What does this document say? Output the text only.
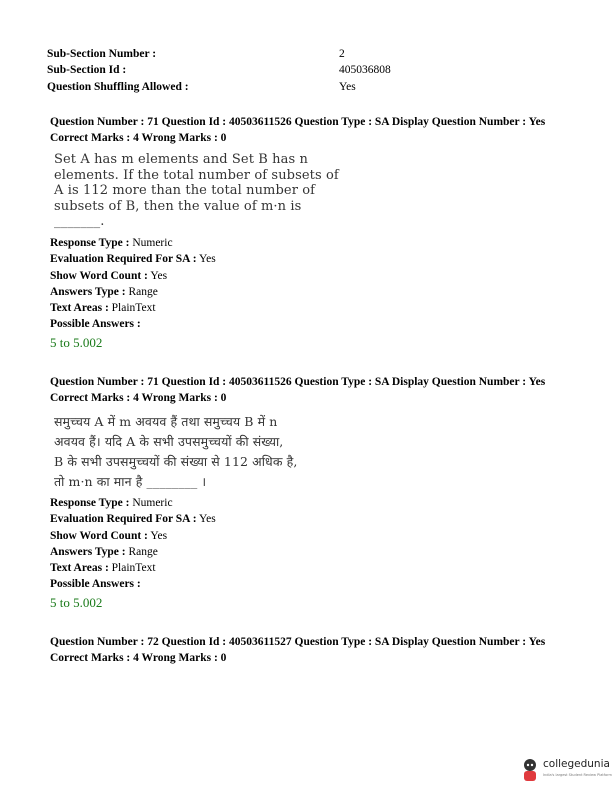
Sub-Section Number :	2
Sub-Section Id :	405036808
Question Shuffling Allowed :	Yes
Question Number : 71 Question Id : 40503611526 Question Type : SA Display Question Number : Yes
Correct Marks : 4 Wrong Marks : 0
Set A has m elements and Set B has n
elements. If the total number of subsets of
A is 112 more than the total number of
subsets of B, then the value of m·n is
_______.
Response Type : Numeric
Evaluation Required For SA : Yes
Show Word Count : Yes
Answers Type : Range
Text Areas : PlainText
Possible Answers :
5 to 5.002
Question Number : 71 Question Id : 40503611526 Question Type : SA Display Question Number : Yes
Correct Marks : 4 Wrong Marks : 0
समुच्चय A में m अवयव हैं तथा समुच्चय B में n
अवयव हैं। यदि A के सभी उपसमुच्चयों की संख्या,
B के सभी उपसमुच्चयों की संख्या से 112 अधिक है,
तो m·n का मान है ________ ।
Response Type : Numeric
Evaluation Required For SA : Yes
Show Word Count : Yes
Answers Type : Range
Text Areas : PlainText
Possible Answers :
5 to 5.002
Question Number : 72 Question Id : 40503611527 Question Type : SA Display Question Number : Yes
Correct Marks : 4 Wrong Marks : 0
collegedunia
India's largest Student Review Platform
